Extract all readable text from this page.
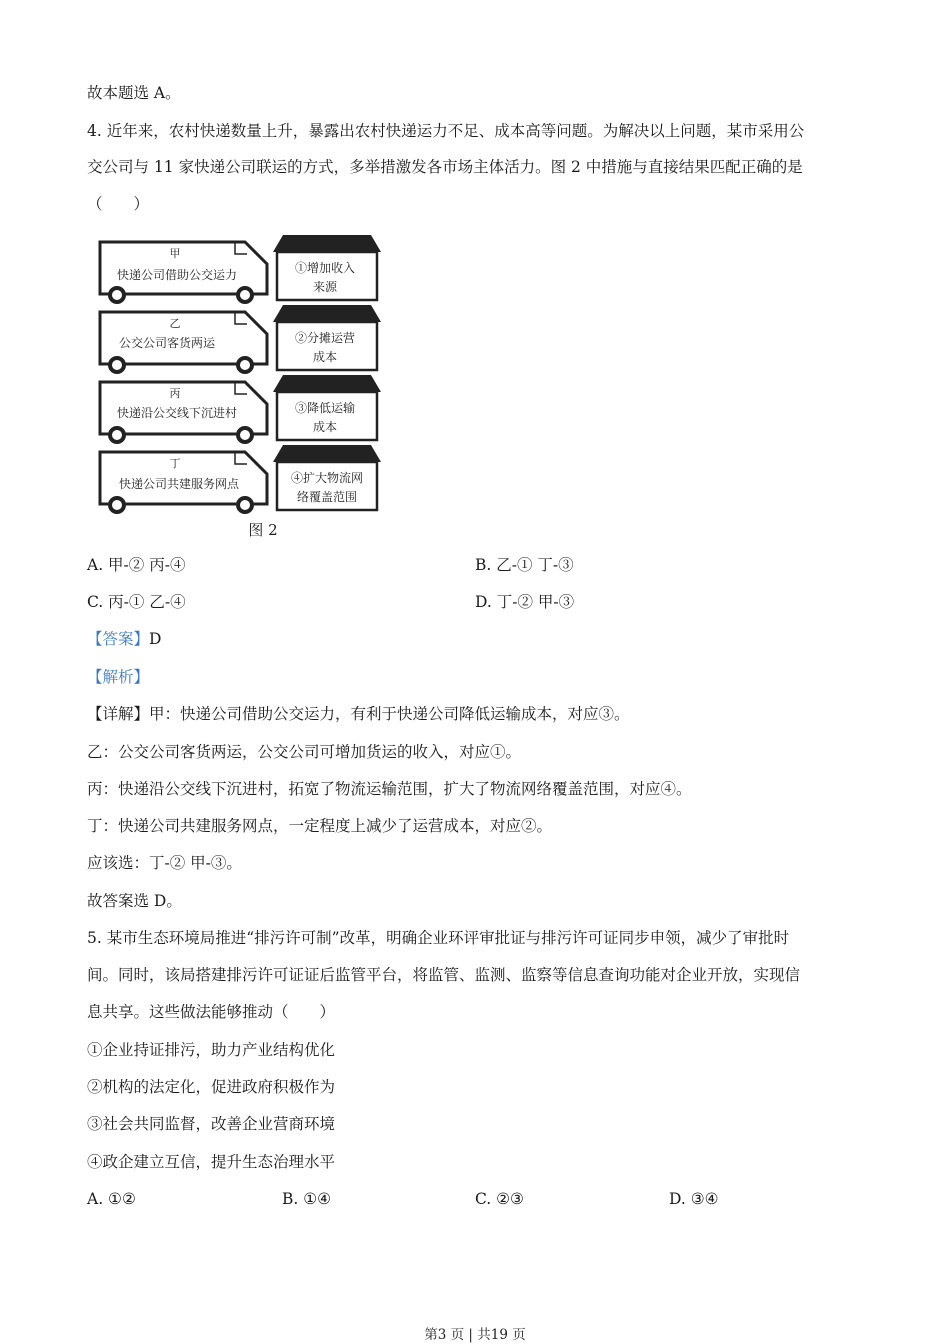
故本题选 A。
4. 近年来，农村快递数量上升，暴露出农村快递运力不足、成本高等问题。为解决以上问题，某市采用公
交公司与 11 家快递公司联运的方式，多举措激发各市场主体活力。图 2 中措施与直接结果匹配正确的是
（　　）
甲
快递公司借助公交运力
乙
公交公司客货两运
丙
快递沿公交线下沉进村
丁
快递公司共建服务网点
①增加收入
来源
②分摊运营
成本
③降低运输
成本
④扩大物流网
络覆盖范围
图 2
A. 甲-② 丙-④	B. 乙-① 丁-③
C. 丙-① 乙-④	D. 丁-② 甲-③
【答案】D
【解析】
【详解】甲：快递公司借助公交运力，有利于快递公司降低运输成本，对应③。
乙：公交公司客货两运，公交公司可增加货运的收入，对应①。
丙：快递沿公交线下沉进村，拓宽了物流运输范围，扩大了物流网络覆盖范围，对应④。
丁：快递公司共建服务网点，一定程度上减少了运营成本，对应②。
应该选：丁-② 甲-③。
故答案选 D。
5. 某市生态环境局推进“排污许可制”改革，明确企业环评审批证与排污许可证同步申领，减少了审批时
间。同时，该局搭建排污许可证证后监管平台，将监管、监测、监察等信息查询功能对企业开放，实现信
息共享。这些做法能够推动（　　）
①企业持证排污，助力产业结构优化
②机构的法定化，促进政府积极作为
③社会共同监督，改善企业营商环境
④政企建立互信，提升生态治理水平
A. ①②	B. ①④	C. ②③	D. ③④
第3 页 | 共19 页
